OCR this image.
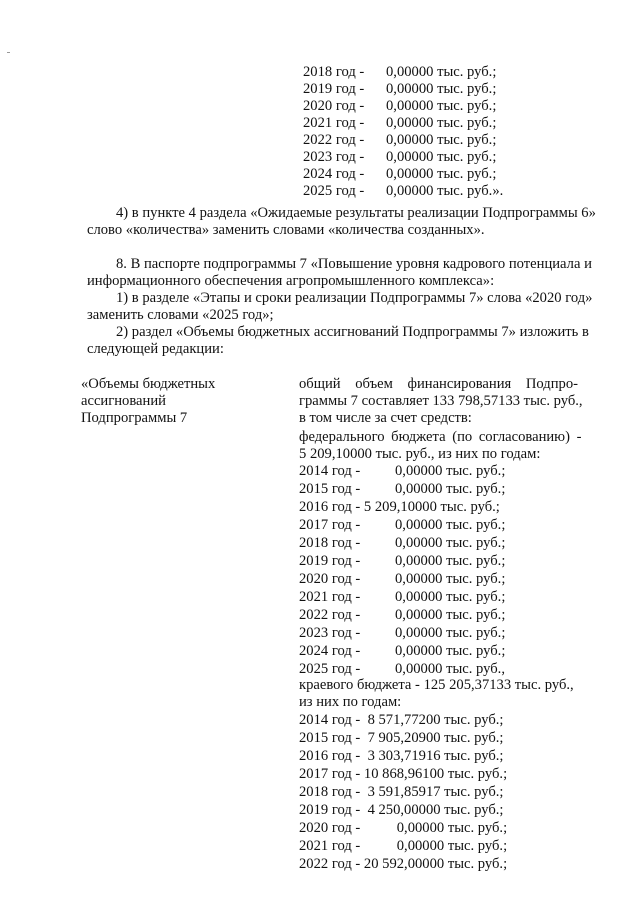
2018 год - 0,00000 тыс. руб.;
2019 год - 0,00000 тыс. руб.;
2020 год - 0,00000 тыс. руб.;
2021 год - 0,00000 тыс. руб.;
2022 год - 0,00000 тыс. руб.;
2023 год - 0,00000 тыс. руб.;
2024 год - 0,00000 тыс. руб.;
2025 год - 0,00000 тыс. руб.».
4) в пункте 4 раздела «Ожидаемые результаты реализации Подпрограммы 6»
слово «количества» заменить словами «количества созданных».
8. В паспорте подпрограммы 7 «Повышение уровня кадрового потенциала и
информационного обеспечения агропромышленного комплекса»:
1) в разделе «Этапы и сроки реализации Подпрограммы 7» слова «2020 год»
заменить словами «2025 год»;
2) раздел «Объемы бюджетных ассигнований Подпрограммы 7» изложить в
следующей редакции:
«Объемы бюджетных
ассигнований
Подпрограммы 7
общий объем финансирования Подпро-
граммы 7 составляет 133 798,57133 тыс. руб.,
в том числе за счет средств:
федерального бюджета (по согласованию) -
5 209,10000 тыс. руб., из них по годам:
2014 год - 0,00000 тыс. руб.;
2015 год - 0,00000 тыс. руб.;
2016 год - 5 209,10000 тыс. руб.;
2017 год - 0,00000 тыс. руб.;
2018 год - 0,00000 тыс. руб.;
2019 год - 0,00000 тыс. руб.;
2020 год - 0,00000 тыс. руб.;
2021 год - 0,00000 тыс. руб.;
2022 год - 0,00000 тыс. руб.;
2023 год - 0,00000 тыс. руб.;
2024 год - 0,00000 тыс. руб.;
2025 год - 0,00000 тыс. руб.,
краевого бюджета - 125 205,37133 тыс. руб.,
из них по годам:
2014 год -  8 571,77200 тыс. руб.;
2015 год -  7 905,20900 тыс. руб.;
2016 год -  3 303,71916 тыс. руб.;
2017 год - 10 868,96100 тыс. руб.;
2018 год -  3 591,85917 тыс. руб.;
2019 год -  4 250,00000 тыс. руб.;
2020 год -          0,00000 тыс. руб.;
2021 год -          0,00000 тыс. руб.;
2022 год - 20 592,00000 тыс. руб.;
